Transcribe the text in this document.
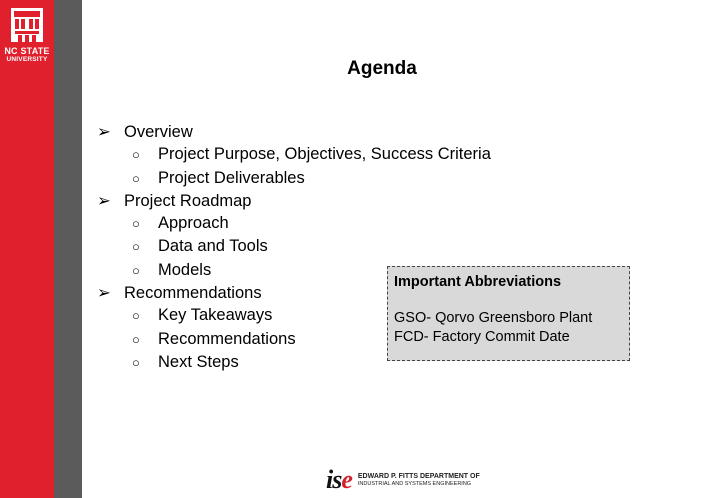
NC STATE
UNIVERSITY	Agenda
➢ Overview
○ Project Purpose, Objectives, Success Criteria
○ Project Deliverables
➢ Project Roadmap
○ Approach
○ Data and Tools
○ Models
➢ Recommendations
○ Key Takeaways
○ Recommendations
○ Next Steps
Important Abbreviations
GSO- Qorvo Greensboro Plant
FCD- Factory Commit Date
ise EDWARD P. FITTS DEPARTMENT OF
INDUSTRIAL AND SYSTEMS ENGINEERING
